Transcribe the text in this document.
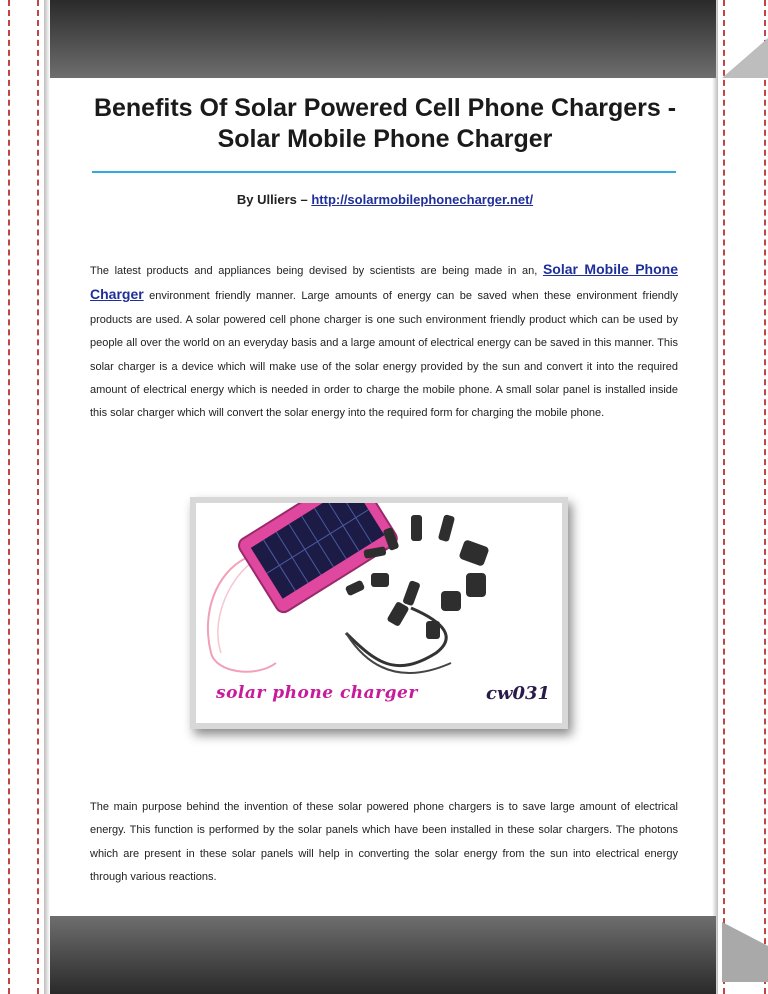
Benefits Of Solar Powered Cell Phone Chargers - Solar Mobile Phone Charger
By Ulliers – http://solarmobilephonecharger.net/
The latest products and appliances being devised by scientists are being made in an, Solar Mobile Phone Charger environment friendly manner. Large amounts of energy can be saved when these environment friendly products are used. A solar powered cell phone charger is one such environment friendly product which can be used by people all over the world on an everyday basis and a large amount of electrical energy can be saved in this manner. This solar charger is a device which will make use of the solar energy provided by the sun and convert it into the required amount of electrical energy which is needed in order to charge the mobile phone. A small solar panel is installed inside this solar charger which will convert the solar energy into the required form for charging the mobile phone.
solar phone charger	cw031
The main purpose behind the invention of these solar powered phone chargers is to save large amount of electrical energy. This function is performed by the solar panels which have been installed in these solar chargers. The photons which are present in these solar panels will help in converting the solar energy from the sun into electrical energy through various reactions.
